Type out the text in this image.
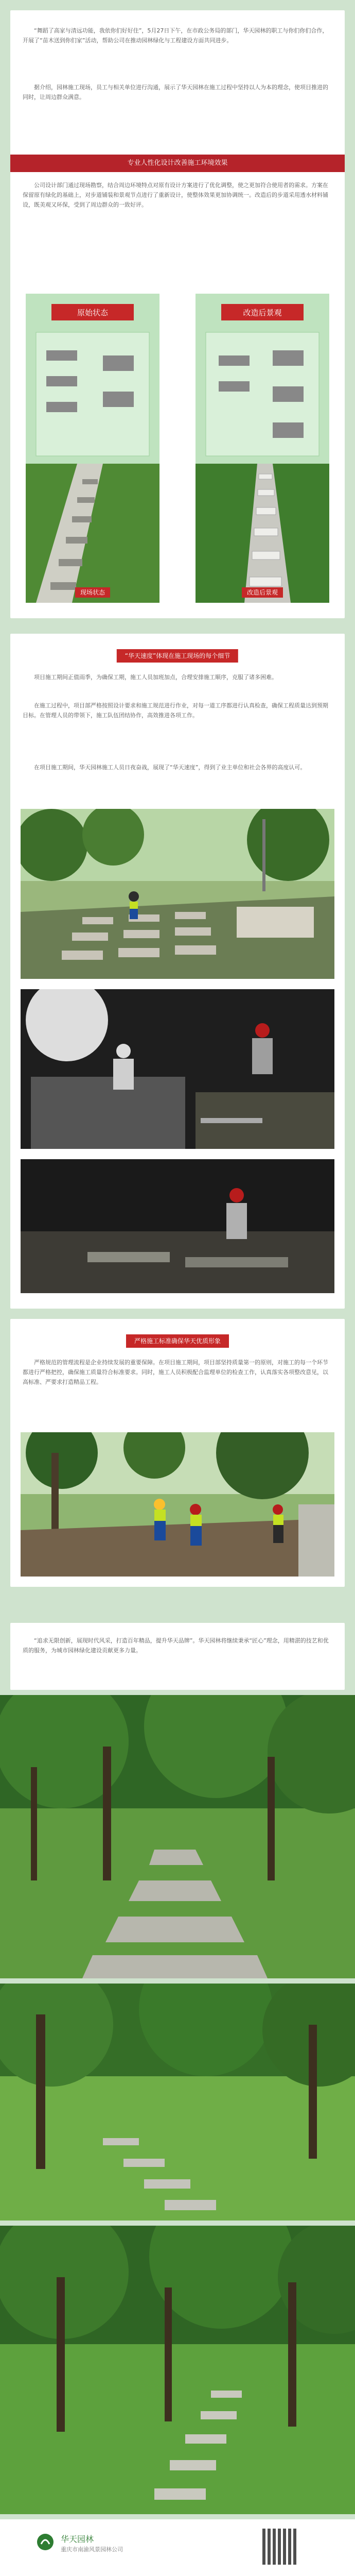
“舞蹈了高家与清远功能，我依你们好好住”，5月27日下午，在市政公务局的部门，华天园林的职工与你们你们合作，开展了“苗木送到你们家”活动，帮助公司在推动园林绿化与工程建设方面共同进步。

据介绍，园林施工现场，员工与相关单位进行沟通，展示了华天园林在施工过程中坚持以人为本的理念，使项目推进的同时，让周边群众满意。

专业人性化设计改善施工环境效果

公司设计部门通过现场勘察，结合周边环境特点对原有设计方案进行了优化调整，使之更加符合使用者的需求。方案在保留原有绿化的基础上，对步道铺装和景观节点进行了重新设计，使整体效果更加协调统一。改造后的步道采用透水材料铺设，既美观又环保，受到了周边群众的一致好评。

原始状态
现场状态
改造后景观
改造后景观
“华天速度”体现在施工现场的每个细节

项目施工期间正值雨季，为确保工期，施工人员加班加点，合理安排施工顺序，克服了诸多困难。

在施工过程中，项目部严格按照设计要求和施工规范进行作业，对每一道工序都进行认真检查，确保工程质量达到预期目标。在管理人员的带领下，施工队伍团结协作，高效推进各项工作。

在项目施工期间，华天园林施工人员日夜奋战，展现了“华天速度”，得到了业主单位和社会各界的高度认可。

严格施工标准确保华天优质形象

严格规范的管理流程是企业持续发展的重要保障。在项目施工期间，项目部坚持质量第一的原则，对施工的每一个环节都进行严格把控，确保施工质量符合标准要求。同时，施工人员积极配合监理单位的检查工作，认真落实各项整改意见，以高标准、严要求打造精品工程。

“追求无限创新，展现时代风采，打造百年精品，提升华天品牌”。华天园林将继续秉承“匠心”理念，用精湛的技艺和优质的服务，为城市园林绿化建设贡献更多力量。

华天园林
重庆市南渝风景园林公司
